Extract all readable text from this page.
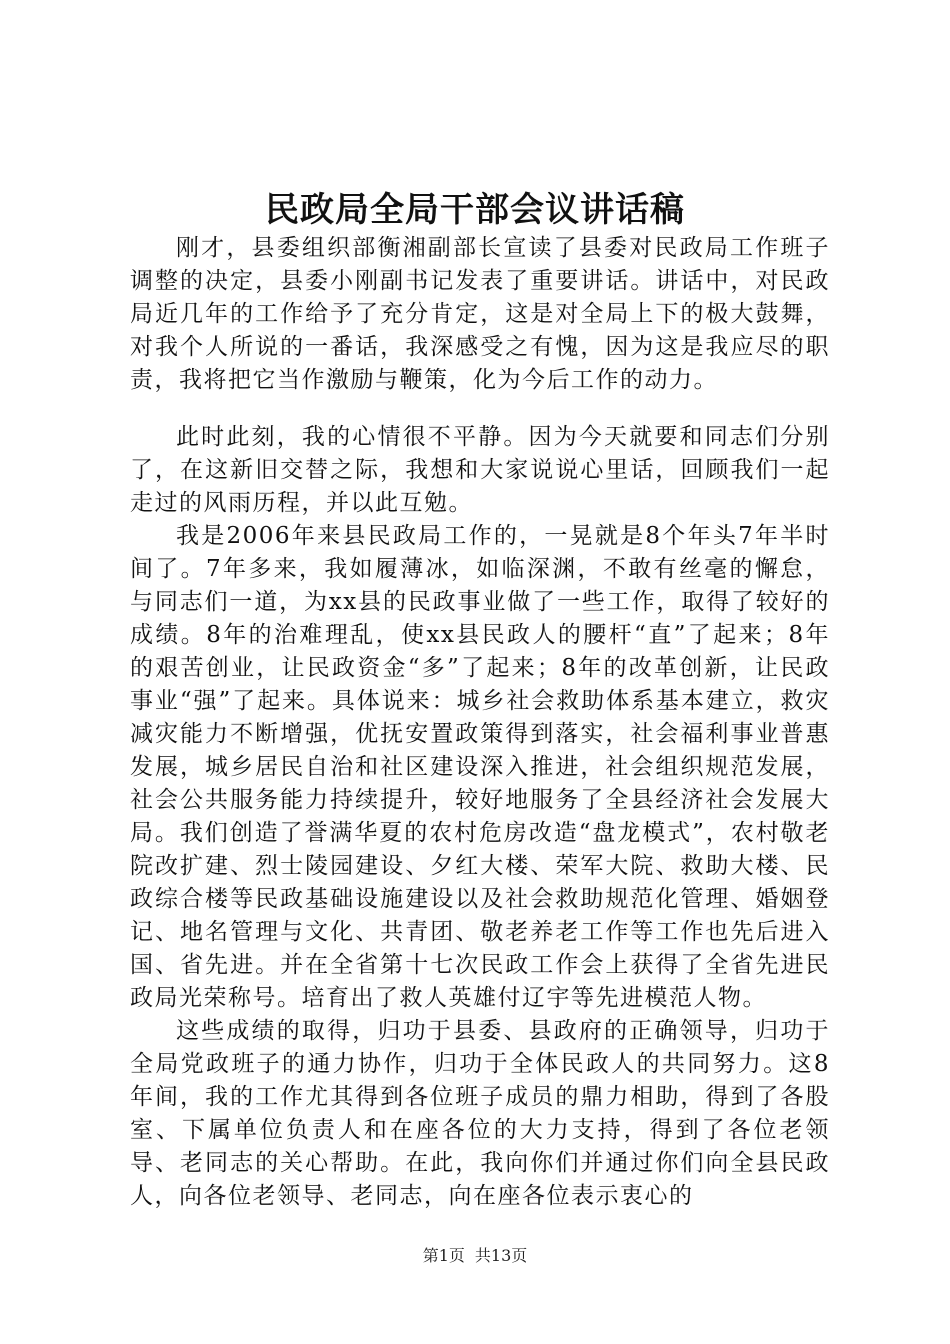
民政局全局干部会议讲话稿

刚才，县委组织部衡湘副部长宣读了县委对民政局工作班子调整的决定，县委小刚副书记发表了重要讲话。讲话中，对民政局近几年的工作给予了充分肯定，这是对全局上下的极大鼓舞，对我个人所说的一番话，我深感受之有愧，因为这是我应尽的职责，我将把它当作激励与鞭策，化为今后工作的动力。

此时此刻，我的心情很不平静。因为今天就要和同志们分别了，在这新旧交替之际，我想和大家说说心里话，回顾我们一起走过的风雨历程，并以此互勉。

我是2006年来县民政局工作的，一晃就是8个年头7年半时间了。7年多来，我如履薄冰，如临深渊，不敢有丝毫的懈怠，与同志们一道，为xx县的民政事业做了一些工作，取得了较好的成绩。8年的治难理乱，使xx县民政人的腰杆“直”了起来；8年的艰苦创业，让民政资金“多”了起来；8年的改革创新，让民政事业“强”了起来。具体说来：城乡社会救助体系基本建立，救灾减灾能力不断增强，优抚安置政策得到落实，社会福利事业普惠发展，城乡居民自治和社区建设深入推进，社会组织规范发展，社会公共服务能力持续提升，较好地服务了全县经济社会发展大局。我们创造了誉满华夏的农村危房改造“盘龙模式”，农村敬老院改扩建、烈士陵园建设、夕红大楼、荣军大院、救助大楼、民政综合楼等民政基础设施建设以及社会救助规范化管理、婚姻登记、地名管理与文化、共青团、敬老养老工作等工作也先后进入国、省先进。并在全省第十七次民政工作会上获得了全省先进民政局光荣称号。培育出了救人英雄付辽宇等先进模范人物。

这些成绩的取得，归功于县委、县政府的正确领导，归功于全局党政班子的通力协作，归功于全体民政人的共同努力。这8年间，我的工作尤其得到各位班子成员的鼎力相助，得到了各股室、下属单位负责人和在座各位的大力支持，得到了各位老领导、老同志的关心帮助。在此，我向你们并通过你们向全县民政人，向各位老领导、老同志，向在座各位表示衷心的

第1页 共13页
